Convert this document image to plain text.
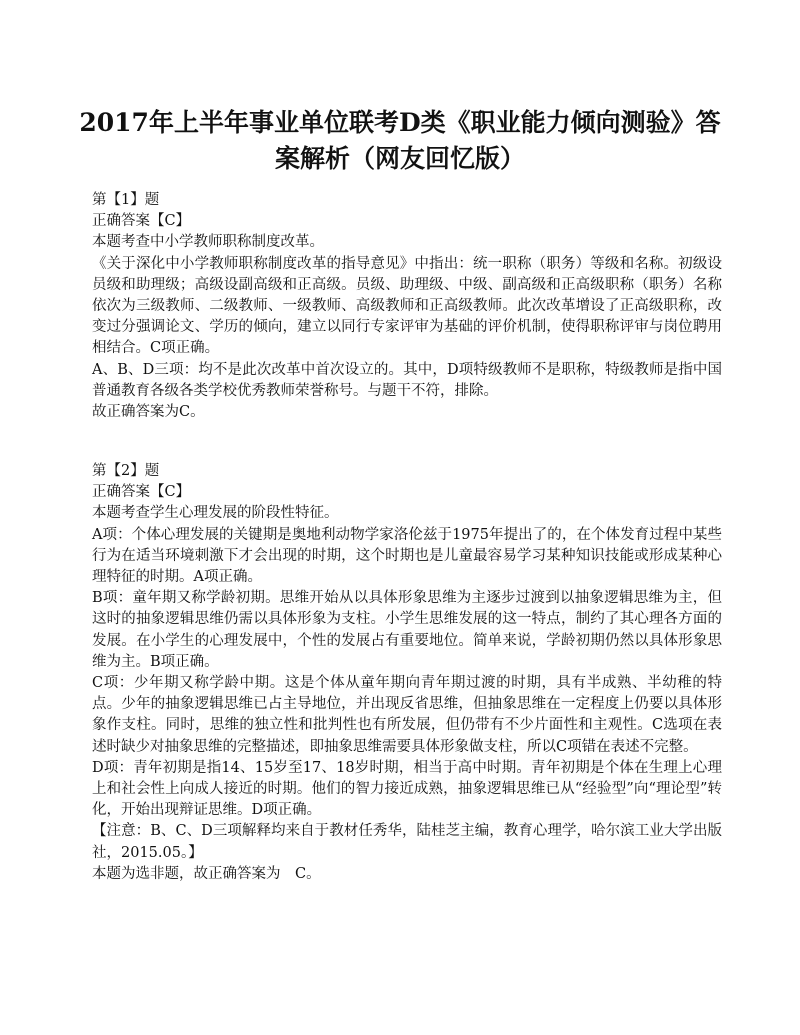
2017年上半年事业单位联考D类《职业能力倾向测验》答
案解析（网友回忆版）

第【1】题

正确答案【C】

本题考查中小学教师职称制度改革。

《关于深化中小学教师职称制度改革的指导意见》中指出：统一职称（职务）等级和名称。初级设员级和助理级；高级设副高级和正高级。员级、助理级、中级、副高级和正高级职称（职务）名称依次为三级教师、二级教师、一级教师、高级教师和正高级教师。此次改革增设了正高级职称，改变过分强调论文、学历的倾向，建立以同行专家评审为基础的评价机制，使得职称评审与岗位聘用相结合。C项正确。

A、B、D三项：均不是此次改革中首次设立的。其中，D项特级教师不是职称，特级教师是指中国普通教育各级各类学校优秀教师荣誉称号。与题干不符，排除。

故正确答案为C。

第【2】题

正确答案【C】

本题考查学生心理发展的阶段性特征。

A项：个体心理发展的关键期是奥地利动物学家洛伦兹于1975年提出了的，在个体发育过程中某些行为在适当环境刺激下才会出现的时期，这个时期也是儿童最容易学习某种知识技能或形成某种心理特征的时期。A项正确。

B项：童年期又称学龄初期。思维开始从以具体形象思维为主逐步过渡到以抽象逻辑思维为主，但这时的抽象逻辑思维仍需以具体形象为支柱。小学生思维发展的这一特点，制约了其心理各方面的发展。在小学生的心理发展中，个性的发展占有重要地位。简单来说，学龄初期仍然以具体形象思维为主。B项正确。

C项：少年期又称学龄中期。这是个体从童年期向青年期过渡的时期，具有半成熟、半幼稚的特点。少年的抽象逻辑思维已占主导地位，并出现反省思维，但抽象思维在一定程度上仍要以具体形象作支柱。同时，思维的独立性和批判性也有所发展，但仍带有不少片面性和主观性。C选项在表述时缺少对抽象思维的完整描述，即抽象思维需要具体形象做支柱，所以C项错在表述不完整。

D项：青年初期是指14、15岁至17、18岁时期，相当于高中时期。青年初期是个体在生理上心理上和社会性上向成人接近的时期。他们的智力接近成熟，抽象逻辑思维已从“经验型”向“理论型”转化，开始出现辩证思维。D项正确。

【注意：B、C、D三项解释均来自于教材任秀华，陆桂芝主编，教育心理学，哈尔滨工业大学出版社，2015.05。】

本题为选非题，故正确答案为　C。
